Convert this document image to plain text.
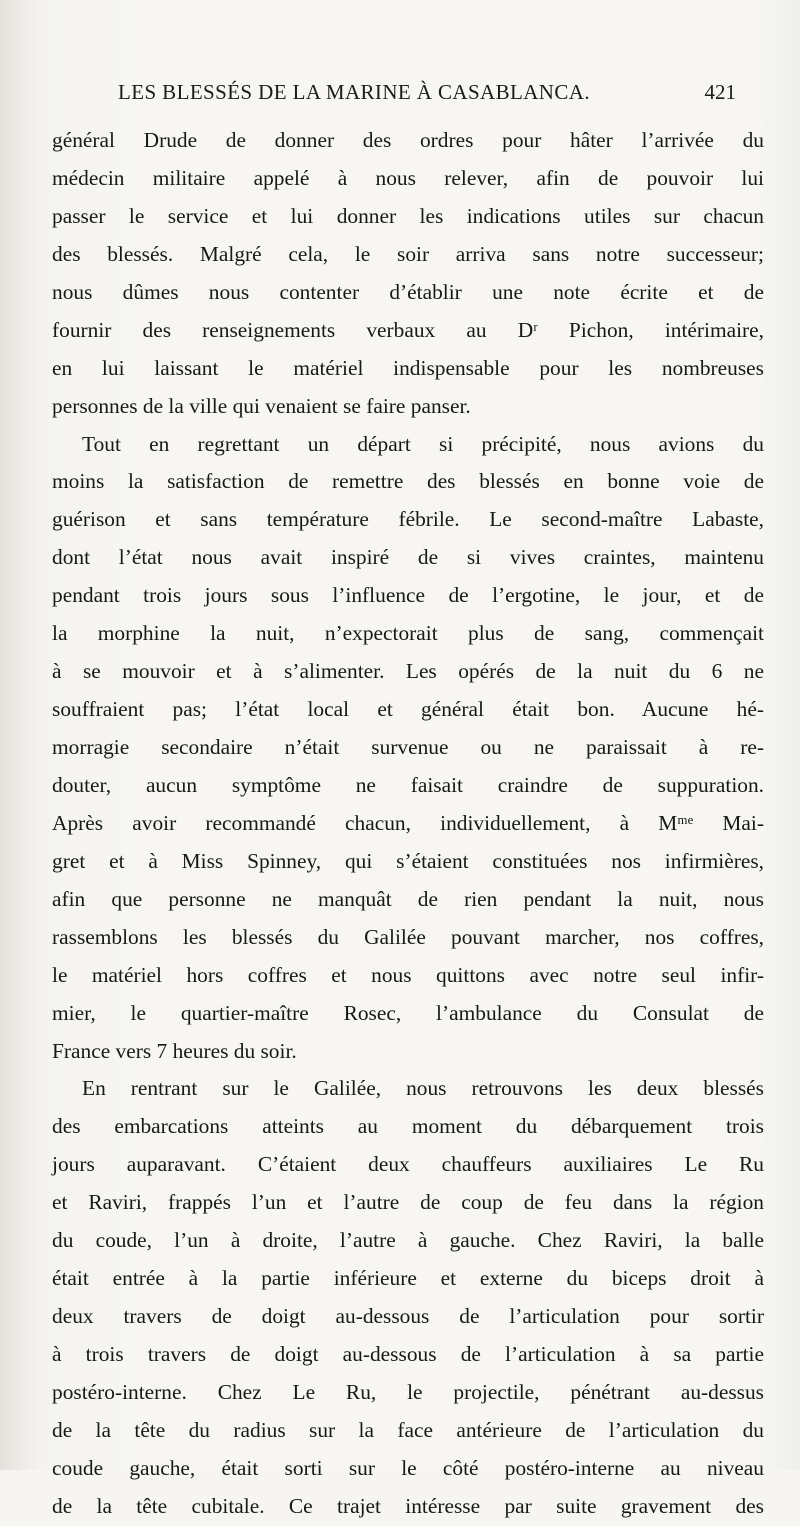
LES BLESSÉS DE LA MARINE À CASABLANCA.	421
général Drude de donner des ordres pour hâter l’arrivée du
médecin militaire appelé à nous relever, afin de pouvoir lui
passer le service et lui donner les indications utiles sur chacun
des blessés. Malgré cela, le soir arriva sans notre successeur;
nous dûmes nous contenter d’établir une note écrite et de
fournir des renseignements verbaux au Dʳ Pichon, intérimaire,
en lui laissant le matériel indispensable pour les nombreuses
personnes de la ville qui venaient se faire panser.
Tout en regrettant un départ si précipité, nous avions du
moins la satisfaction de remettre des blessés en bonne voie de
guérison et sans température fébrile. Le second-maître Labaste,
dont l’état nous avait inspiré de si vives craintes, maintenu
pendant trois jours sous l’influence de l’ergotine, le jour, et de
la morphine la nuit, n’expectorait plus de sang, commençait
à se mouvoir et à s’alimenter. Les opérés de la nuit du 6 ne
souffraient pas; l’état local et général était bon. Aucune hé-
morragie secondaire n’était survenue ou ne paraissait à re-
douter, aucun symptôme ne faisait craindre de suppuration.
Après avoir recommandé chacun, individuellement, à Mᵐᵉ Mai-
gret et à Miss Spinney, qui s’étaient constituées nos infirmières,
afin que personne ne manquât de rien pendant la nuit, nous
rassemblons les blessés du Galilée pouvant marcher, nos coffres,
le matériel hors coffres et nous quittons avec notre seul infir-
mier, le quartier-maître Rosec, l’ambulance du Consulat de
France vers 7 heures du soir.
En rentrant sur le Galilée, nous retrouvons les deux blessés
des embarcations atteints au moment du débarquement trois
jours auparavant. C’étaient deux chauffeurs auxiliaires Le Ru
et Raviri, frappés l’un et l’autre de coup de feu dans la région
du coude, l’un à droite, l’autre à gauche. Chez Raviri, la balle
était entrée à la partie inférieure et externe du biceps droit à
deux travers de doigt au-dessous de l’articulation pour sortir
à trois travers de doigt au-dessous de l’articulation à sa partie
postéro-interne. Chez Le Ru, le projectile, pénétrant au-dessus
de la tête du radius sur la face antérieure de l’articulation du
coude gauche, était sorti sur le côté postéro-interne au niveau
de la tête cubitale. Ce trajet intéresse par suite gravement des
